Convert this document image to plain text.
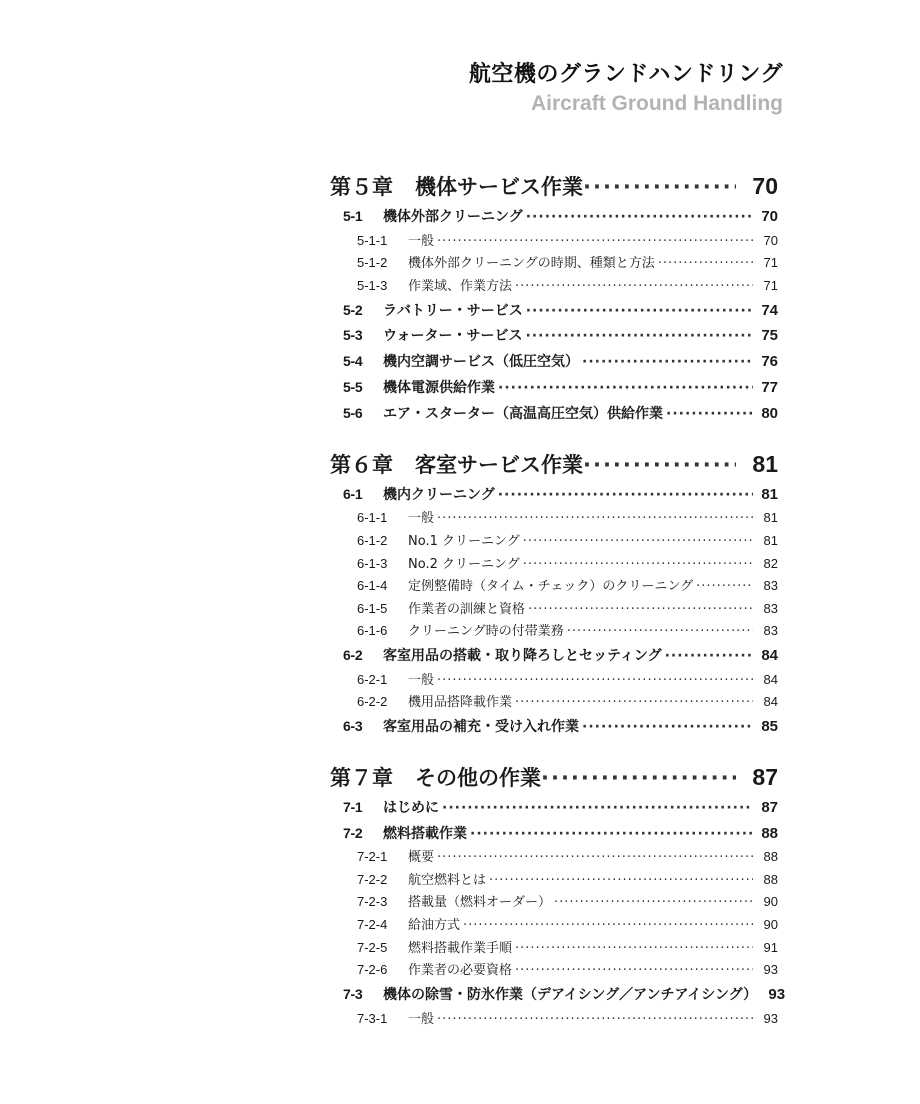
航空機のグランドハンドリング
Aircraft Ground Handling
第５章	機体サービス作業 ·····	70
5-1	機体外部クリーニング ·····	70
5-1-1	一般 ·····	70
5-1-2	機体外部クリーニングの時期、種類と方法 ·····	71
5-1-3	作業域、作業方法 ·····	71
5-2	ラバトリー・サービス ·····	74
5-3	ウォーター・サービス ·····	75
5-4	機内空調サービス（低圧空気） ·····	76
5-5	機体電源供給作業 ·····	77
5-6	エア・スターター（高温高圧空気）供給作業 ·····	80
第６章	客室サービス作業 ·····	81
6-1	機内クリーニング ·····	81
6-1-1	一般 ·····	81
6-1-2	No.1 クリーニング ·····	81
6-1-3	No.2 クリーニング ·····	82
6-1-4	定例整備時（タイム・チェック）のクリーニング ·····	83
6-1-5	作業者の訓練と資格 ·····	83
6-1-6	クリーニング時の付帯業務 ·····	83
6-2	客室用品の搭載・取り降ろしとセッティング ·····	84
6-2-1	一般 ·····	84
6-2-2	機用品搭降載作業 ·····	84
6-3	客室用品の補充・受け入れ作業 ·····	85
第７章	その他の作業 ·····	87
7-1	はじめに ·····	87
7-2	燃料搭載作業 ·····	88
7-2-1	概要 ·····	88
7-2-2	航空燃料とは ·····	88
7-2-3	搭載量（燃料オーダー） ·····	90
7-2-4	給油方式 ·····	90
7-2-5	燃料搭載作業手順 ·····	91
7-2-6	作業者の必要資格 ·····	93
7-3	機体の除雪・防氷作業（デアイシング／アンチアイシング） 93
7-3-1	一般 ·····	93
